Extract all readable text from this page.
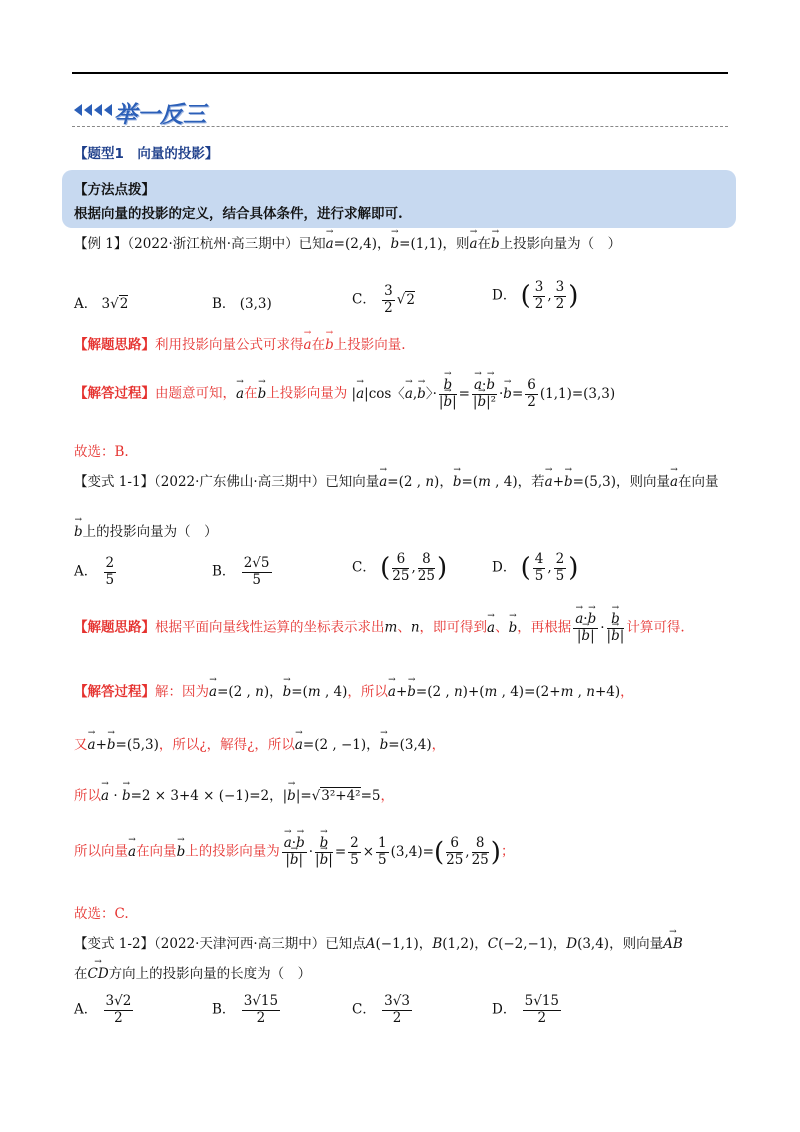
举一反三
【题型1　向量的投影】
【方法点拨】
根据向量的投影的定义，结合具体条件，进行求解即可.
【例 1】（2022·浙江杭州·高三期中）已知→ a=(2,4)，→ b=(1,1)，则→ a在→ b上投影向量为（　）
A． 3√2	B． (3,3)	C． $\frac{3}{2} √2$	D． ( $\frac{3}{2}$ , $\frac{3}{2}$ )
【解题思路】利用投影向量公式可求得→ a在→ b上投影向量.
【解答过程】由题意可知，→ a在→ b上投影向量为 |→ a|cos〈→ a,→ b〉· → $\frac{b}{|\to b|}$ = → $\frac{a\cdot\to b}{\text{|→ b|²}} \cdot\to b= \frac{6}{2} (1,1)=(3,3)$
故选：B.
【变式 1-1】（2022·广东佛山·高三期中）已知向量→ a=(2 , n)，→ b=(m , 4)，若→ a+→ b=(5,3)，则向量→ a在向量
→ b上的投影向量为（　）
A． $\frac{2}{5}$	B． $\frac{2√5}{5}$	C． ( $\frac{6}{25}$ , $\frac{8}{25}$ )	D． ( $\frac{4}{5}$ , $\frac{2}{5}$ )
【解题思路】根据平面向量线性运算的坐标表示求出m、n，即可得到→ a、→ b，再根据 → $\frac{a\cdot\to b}{|\to b|}$ · → $\frac{b}{|\to b|}$ 计算可得.
【解答过程】解：因为→ a=(2 , n)，→ b=(m , 4)，所以→ a+→ b=(2 , n)+(m , 4)=(2+m , n+4)，
又→ a+→ b=(5,3)，所以¿，解得¿，所以→ a=(2 , −1)，→ b=(3,4)，
所以→ a · → b=2 × 3+4 × (−1)=2，|→ b|=√3²+4²=5，
所以向量→ a在向量→ b上的投影向量为 → $\frac{a\cdot\to b}{|\to b|}$ · → $\frac{b}{|\to b|} = \frac{2}{5} \times \frac{1}{5} (3,4)=( \frac{6}{25}$ , $\frac{8}{25}$ )；
故选：C.
【变式 1-2】（2022·天津河西·高三期中）已知点A(−1,1)，B(1,2)，C(−2,−1)，D(3,4)，则向量→ AB
在→ CD方向上的投影向量的长度为（　）
A． $\frac{3√2}{2}$	B． $\frac{3√15}{2}$	C． $\frac{3√3}{2}$	D． $\frac{5√15}{2}$
